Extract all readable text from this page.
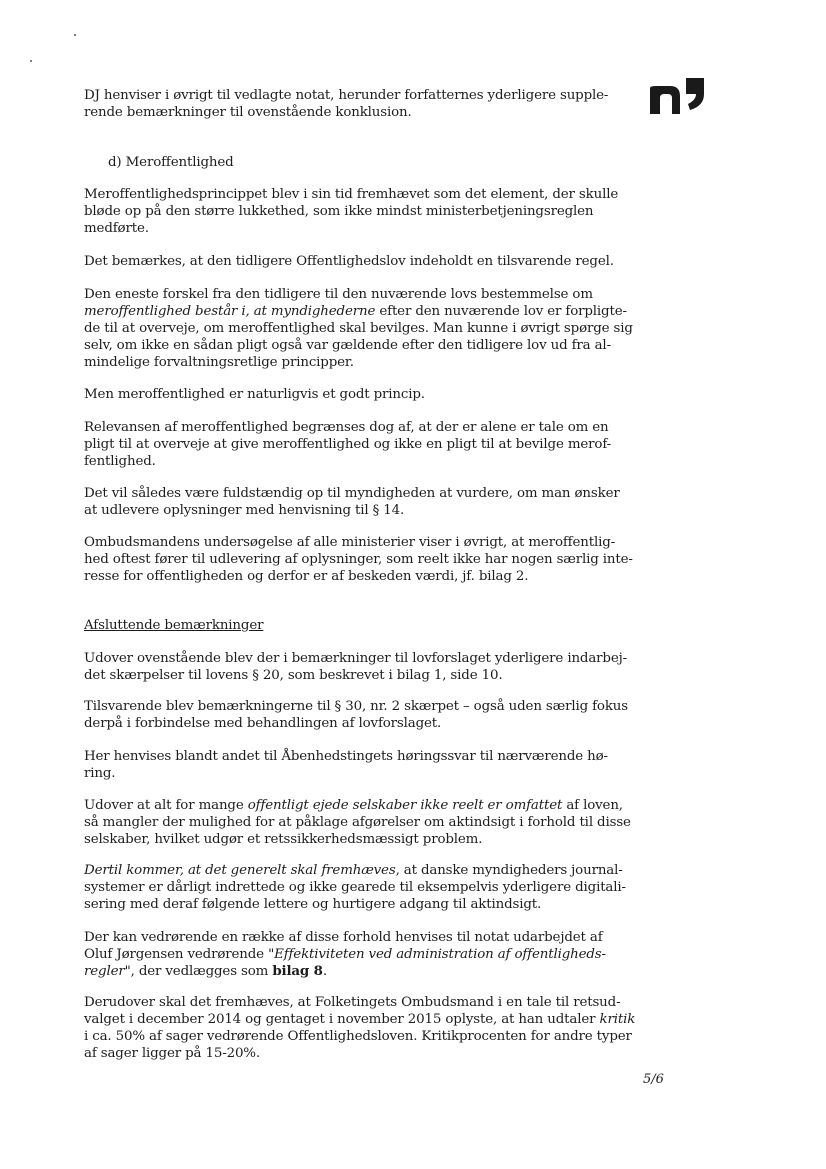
DJ henviser i øvrigt til vedlagte notat, herunder forfatternes yderligere supple-
rende bemærkninger til ovenstående konklusion.
d) Meroffentlighed
Meroffentlighedsprincippet blev i sin tid fremhævet som det element, der skulle
bløde op på den større lukkethed, som ikke mindst ministerbetjeningsreglen
medførte.
Det bemærkes, at den tidligere Offentlighedslov indeholdt en tilsvarende regel.
Den eneste forskel fra den tidligere til den nuværende lovs bestemmelse om
meroffentlighed består i, at myndighederne efter den nuværende lov er forpligte-
de til at overveje, om meroffentlighed skal bevilges. Man kunne i øvrigt spørge sig
selv, om ikke en sådan pligt også var gældende efter den tidligere lov ud fra al-
mindelige forvaltningsretlige principper.
Men meroffentlighed er naturligvis et godt princip.
Relevansen af meroffentlighed begrænses dog af, at der er alene er tale om en
pligt til at overveje at give meroffentlighed og ikke en pligt til at bevilge merof-
fentlighed.
Det vil således være fuldstændig op til myndigheden at vurdere, om man ønsker
at udlevere oplysninger med henvisning til § 14.
Ombudsmandens undersøgelse af alle ministerier viser i øvrigt, at meroffentlig-
hed oftest fører til udlevering af oplysninger, som reelt ikke har nogen særlig inte-
resse for offentligheden og derfor er af beskeden værdi, jf. bilag 2.
Afsluttende bemærkninger
Udover ovenstående blev der i bemærkninger til lovforslaget yderligere indarbej-
det skærpelser til lovens § 20, som beskrevet i bilag 1, side 10.
Tilsvarende blev bemærkningerne til § 30, nr. 2 skærpet – også uden særlig fokus
derpå i forbindelse med behandlingen af lovforslaget.
Her henvises blandt andet til Åbenhedstingets høringssvar til nærværende hø-
ring.
Udover at alt for mange offentligt ejede selskaber ikke reelt er omfattet af loven,
så mangler der mulighed for at påklage afgørelser om aktindsigt i forhold til disse
selskaber, hvilket udgør et retssikkerhedsmæssigt problem.
Dertil kommer, at det generelt skal fremhæves, at danske myndigheders journal-
systemer er dårligt indrettede og ikke gearede til eksempelvis yderligere digitali-
sering med deraf følgende lettere og hurtigere adgang til aktindsigt.
Der kan vedrørende en række af disse forhold henvises til notat udarbejdet af
Oluf Jørgensen vedrørende "Effektiviteten ved administration af offentligheds-
regler", der vedlægges som bilag 8.
Derudover skal det fremhæves, at Folketingets Ombudsmand i en tale til retsud-
valget i december 2014 og gentaget i november 2015 oplyste, at han udtaler kritik
i ca. 50% af sager vedrørende Offentlighedsloven. Kritikprocenten for andre typer
af sager ligger på 15-20%.
5/6
